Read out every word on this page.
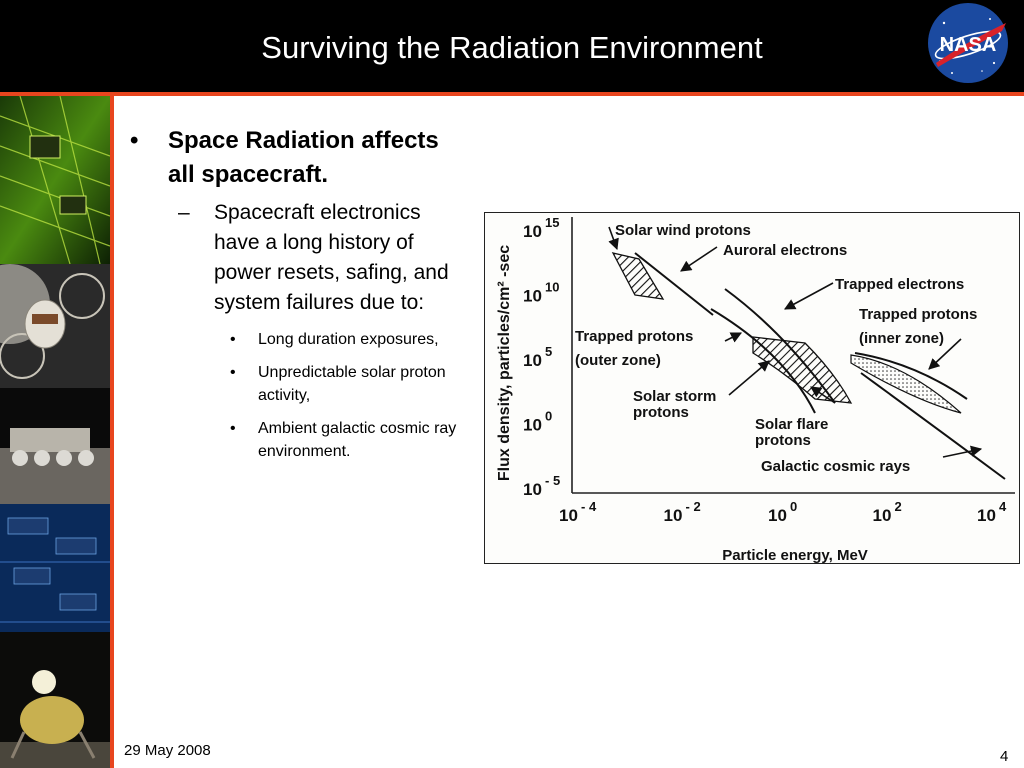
Surviving the Radiation Environment	NASA
• Space Radiation affects all spacecraft.
– Spacecraft electronics have a long history of power resets, safing, and system failures due to:
• Long duration exposures,
• Unpredictable solar proton activity,
• Ambient galactic cosmic ray environment.	Flux density, particles/cm² -sec
10 15
10 10
10 5
10 0
10 - 5
10 - 4	10 - 2	10 0	10 2	10 4
Particle energy, MeV
Solar wind protons
Auroral electrons
Trapped electrons
Trapped protons
(inner zone)
Trapped protons
(outer zone)
Solar storm
protons
Solar flare
protons
Galactic cosmic rays
29 May 2008	4
